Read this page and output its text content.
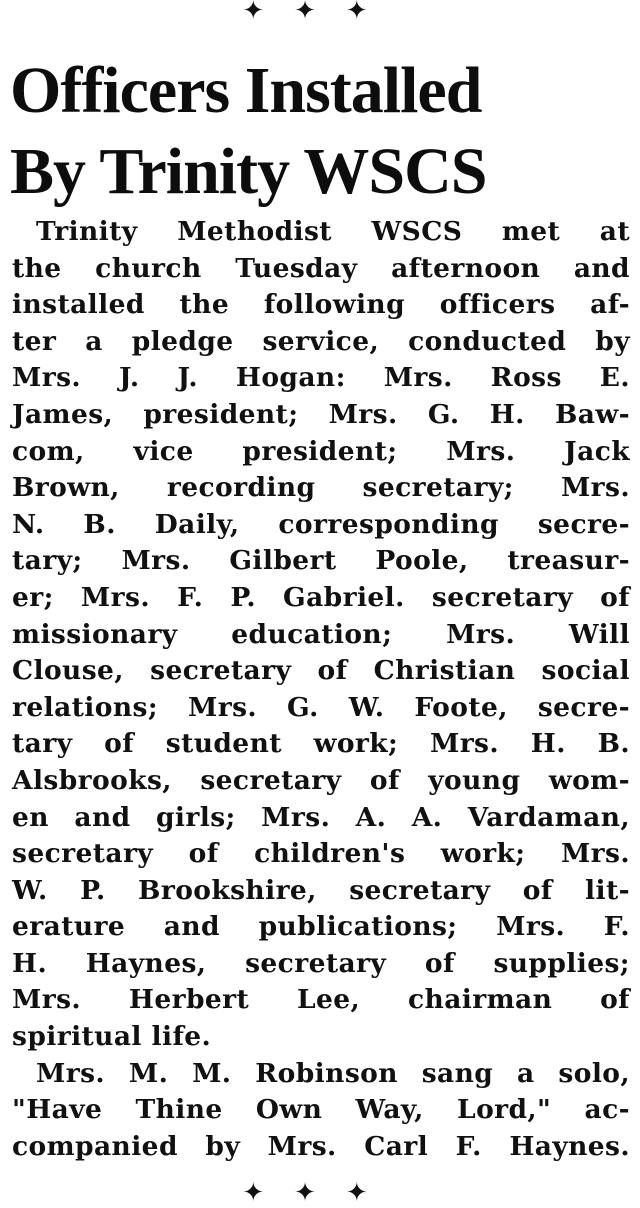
✦✦✦
Officers Installed
By Trinity WSCS
Trinity Methodist WSCS met at
the church Tuesday afternoon and
installed the following officers af-
ter a pledge service, conducted by
Mrs. J. J. Hogan: Mrs. Ross E.
James, president; Mrs. G. H. Baw-
com, vice president; Mrs. Jack
Brown, recording secretary; Mrs.
N. B. Daily, corresponding secre-
tary; Mrs. Gilbert Poole, treasur-
er; Mrs. F. P. Gabriel. secretary of
missionary education; Mrs. Will
Clouse, secretary of Christian social
relations; Mrs. G. W. Foote, secre-
tary of student work; Mrs. H. B.
Alsbrooks, secretary of young wom-
en and girls; Mrs. A. A. Vardaman,
secretary of children's work; Mrs.
W. P. Brookshire, secretary of lit-
erature and publications; Mrs. F.
H. Haynes, secretary of supplies;
Mrs. Herbert Lee, chairman of
spiritual life.
Mrs. M. M. Robinson sang a solo,
"Have Thine Own Way, Lord," ac-
companied by Mrs. Carl F. Haynes.
✦✦✦
